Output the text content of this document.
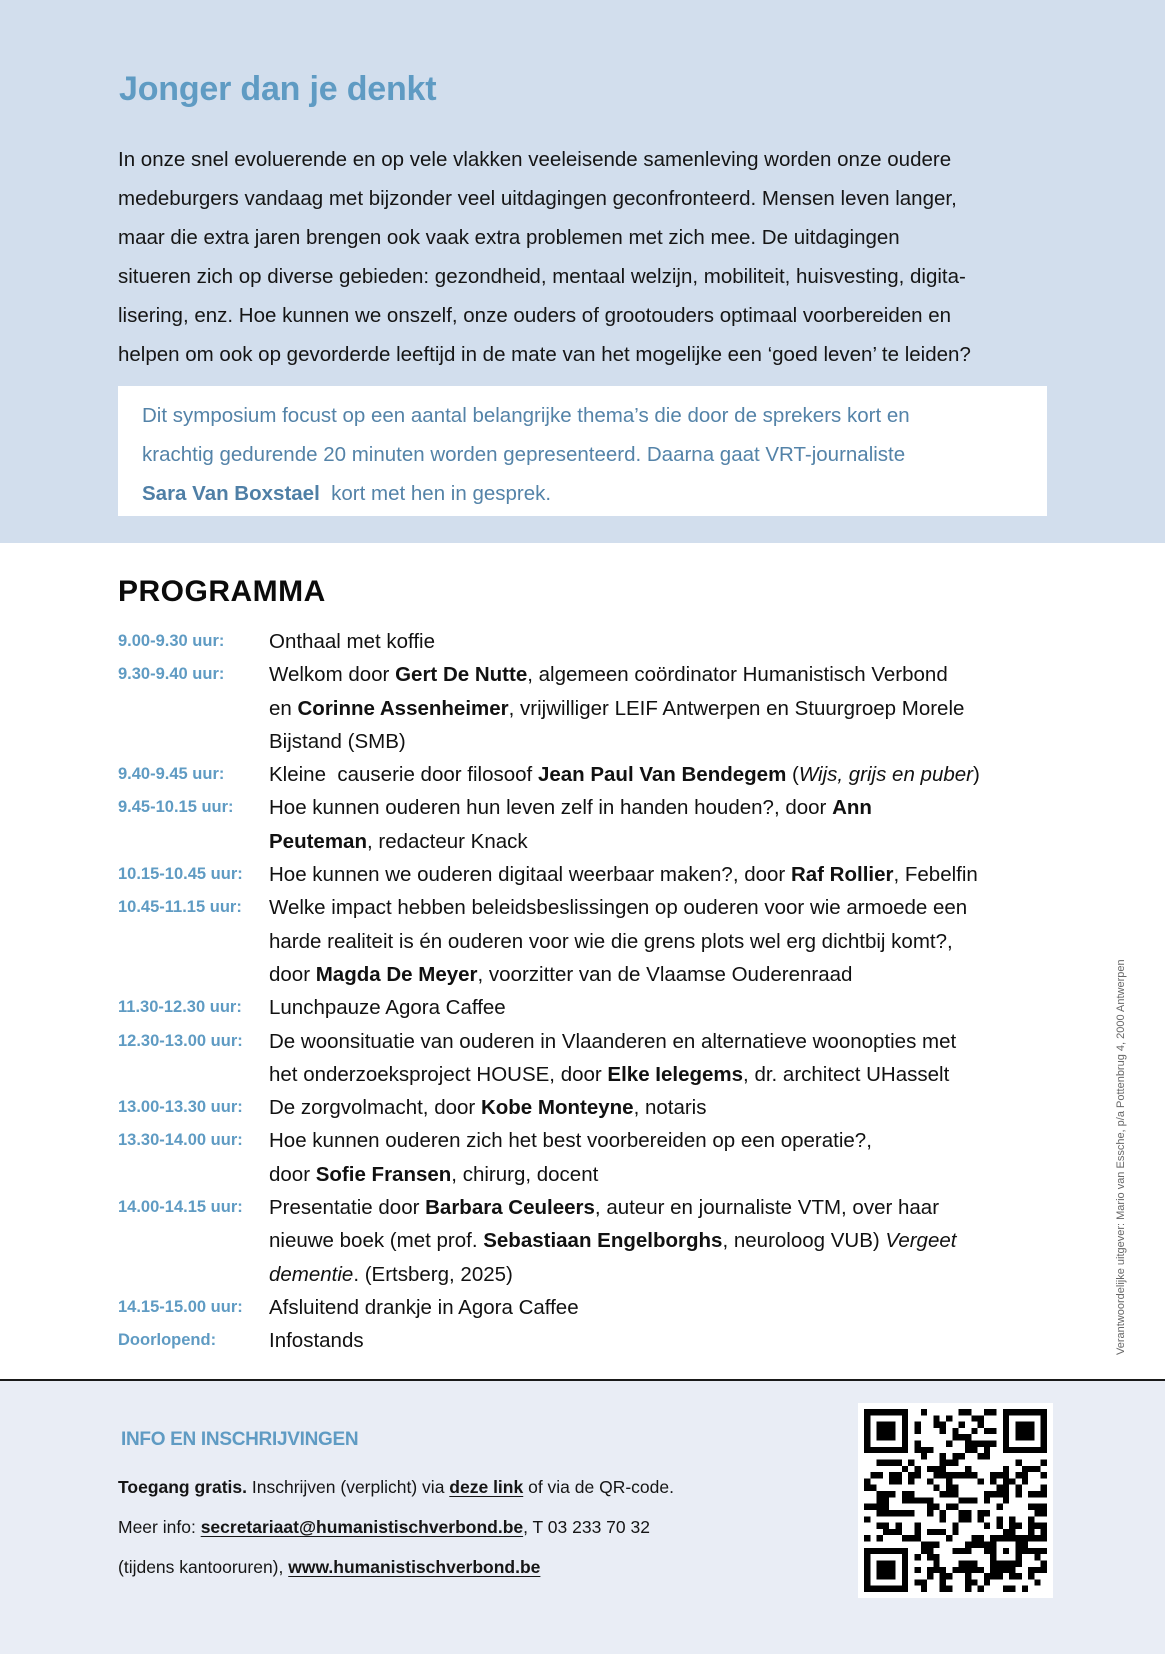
Jonger dan je denkt

In onze snel evoluerende en op vele vlakken veeleisende samenleving worden onze oudere

medeburgers vandaag met bijzonder veel uitdagingen geconfronteerd. Mensen leven langer,

maar die extra jaren brengen ook vaak extra problemen met zich mee. De uitdagingen

situeren zich op diverse gebieden: gezondheid, mentaal welzijn, mobiliteit, huisvesting, digita-

lisering, enz. Hoe kunnen we onszelf, onze ouders of grootouders optimaal voorbereiden en

helpen om ook op gevorderde leeftijd in de mate van het mogelijke een ‘goed leven’ te leiden?

Dit symposium focust op een aantal belangrijke thema’s die door de sprekers kort en
krachtig gedurende 20 minuten worden gepresenteerd. Daarna gaat VRT-journaliste
Sara Van Boxstael  kort met hen in gesprek.
PROGRAMMA
9.00-9.30 uur:	Onthaal met koffie
9.30-9.40 uur:	Welkom door Gert De Nutte, algemeen coördinator Humanistisch Verbond
en Corinne Assenheimer, vrijwilliger LEIF Antwerpen en Stuurgroep Morele
Bijstand (SMB)
9.40-9.45 uur:	Kleine  causerie door filosoof Jean Paul Van Bendegem (Wijs, grijs en puber)
9.45-10.15 uur:	Hoe kunnen ouderen hun leven zelf in handen houden?, door Ann
Peuteman, redacteur Knack
10.15-10.45 uur:	Hoe kunnen we ouderen digitaal weerbaar maken?, door Raf Rollier, Febelfin
10.45-11.15 uur:	Welke impact hebben beleidsbeslissingen op ouderen voor wie armoede een
harde realiteit is én ouderen voor wie die grens plots wel erg dichtbij komt?,
door Magda De Meyer, voorzitter van de Vlaamse Ouderenraad
11.30-12.30 uur:	Lunchpauze Agora Caffee
12.30-13.00 uur:	De woonsituatie van ouderen in Vlaanderen en alternatieve woonopties met
het onderzoeksproject HOUSE, door Elke Ielegems, dr. architect UHasselt
13.00-13.30 uur:	De zorgvolmacht, door Kobe Monteyne, notaris
13.30-14.00 uur:	Hoe kunnen ouderen zich het best voorbereiden op een operatie?,
door Sofie Fransen, chirurg, docent
14.00-14.15 uur:	Presentatie door Barbara Ceuleers, auteur en journaliste VTM, over haar
nieuwe boek (met prof. Sebastiaan Engelborghs, neuroloog VUB) Vergeet
dementie. (Ertsberg, 2025)
14.15-15.00 uur:	Afsluitend drankje in Agora Caffee
Doorlopend:	Infostands	Verantwoordelijke uitgever: Mario van Essche, p/a Pottenbrug 4, 2000 Antwerpen
INFO EN INSCHRIJVINGEN
Toegang gratis. Inschrijven (verplicht) via deze link of via de QR-code.
Meer info: secretariaat@humanistischverbond.be, T 03 233 70 32
(tijdens kantooruren), www.humanistischverbond.be
